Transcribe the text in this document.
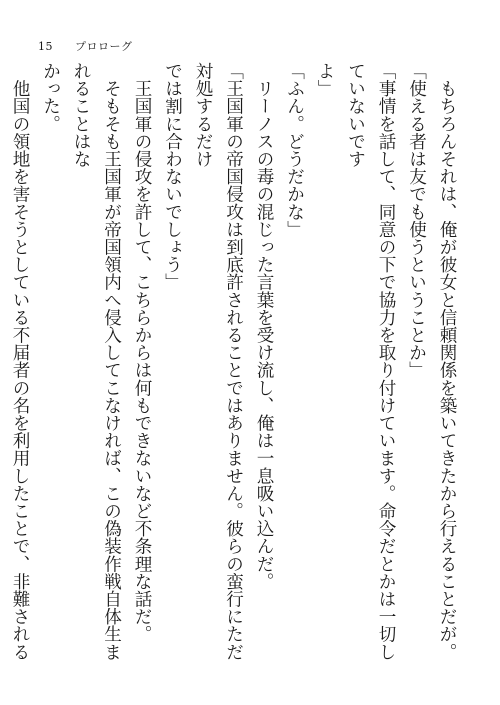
15 プロローグ

　もちろんそれは、俺が彼女と信頼関係を築いてきたから行えることだが。

「使える者は友でも使うということか」

「事情を話して、同意の下で協力を取り付けています。命令だとかは一切していないです

よ」

「ふん。どうだかな」

　リーノスの毒の混じった言葉を受け流し、俺は一息吸い込んだ。

「王国軍の帝国侵攻は到底許されることではありません。彼らの蛮行にただ対処するだけ

では割に合わないでしょう」

　王国軍の侵攻を許して、こちらからは何もできないなど不条理な話だ。

　そもそも王国軍が帝国領内へ侵入してこなければ、この偽装作戦自体生まれることはな

かった。

　他国の領地を害そうとしている不届者の名を利用したことで、非難される
